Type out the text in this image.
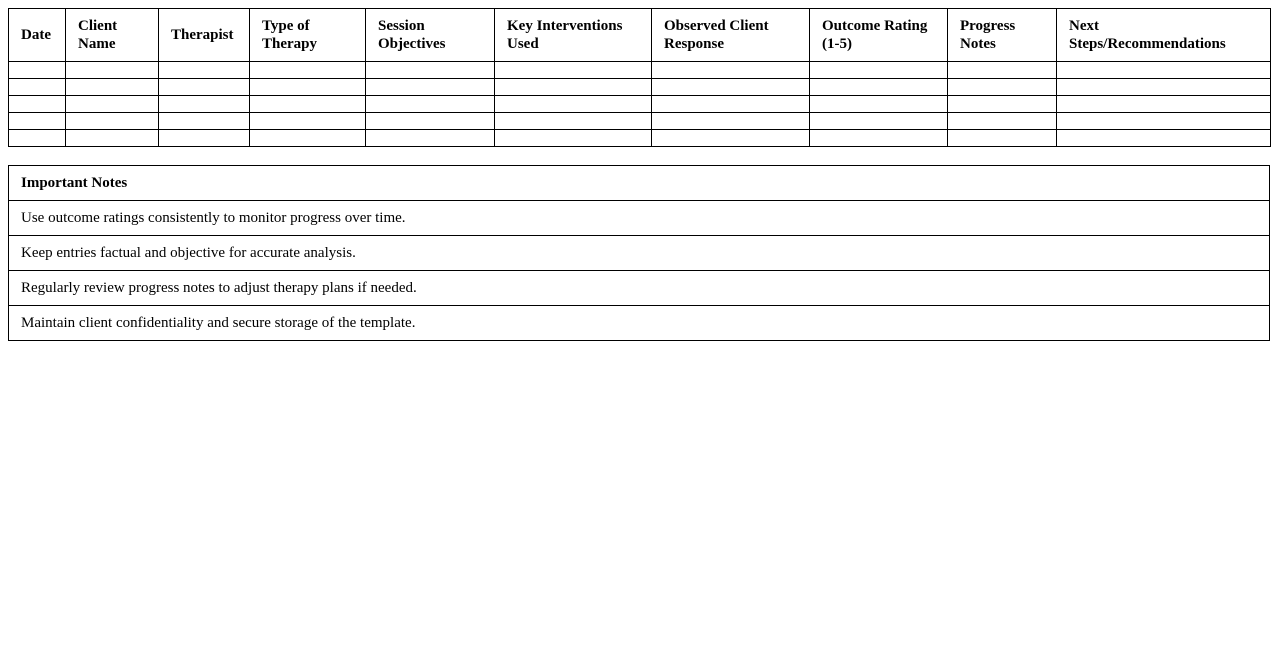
Date	Client Name	Therapist	Type of Therapy	Session Objectives	Key Interventions Used	Observed Client Response	Outcome Rating (1-5)	Progress Notes	Next Steps/Recommendations

Important Notes
Use outcome ratings consistently to monitor progress over time.
Keep entries factual and objective for accurate analysis.
Regularly review progress notes to adjust therapy plans if needed.
Maintain client confidentiality and secure storage of the template.
